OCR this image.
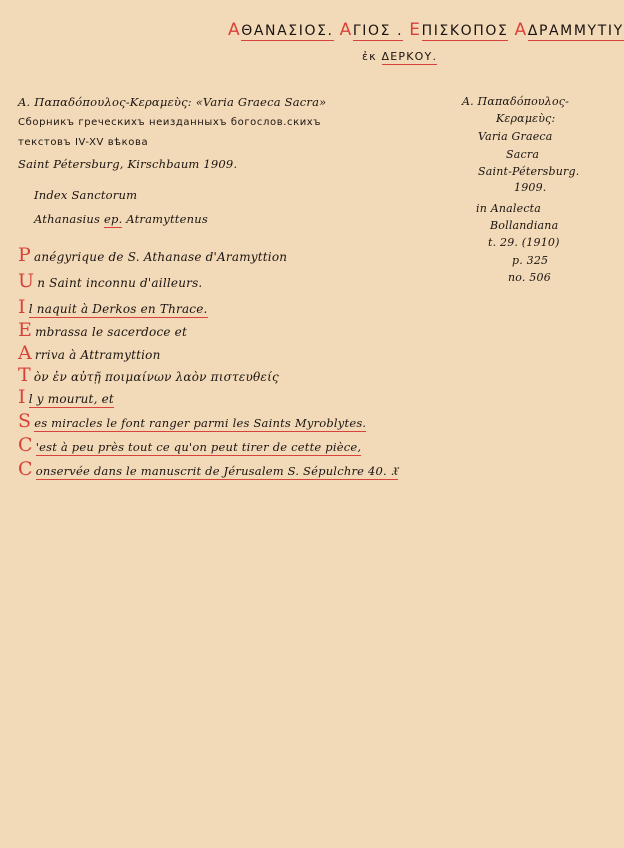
ΑΘΑΝΑΣΙΟΣ. ΑΓΙΟΣ . ΕΠΙΣΚΟΠΟΣ ΑΔΡΑΜΜΥΤΙΥ
ἐκ ΔΕΡΚΟΥ.
Α. Παπαδόπουλος-Κεραμεὺς: «Varia Graeca Sacra»
Сборникъ греческихъ неизданныхъ богослов.скихъ
текстовъ IV-XV вѣкова
Saint Pétersburg, Kirschbaum 1909.
Α. Παπαδόπουλος-
Κεραμεὺς:
Varia Graeca
Sacra
Saint-Pétersburg.
1909.
in Analecta
Bollandiana
t. 29. (1910)
p. 325
no. 506
Index Sanctorum
Athanasius ep. Atramyttenus
Panégyrique de S. Athanase d'Aramyttion
Un Saint inconnu d'ailleurs.
Il naquit à Derkos en Thrace.
Embrassa le sacerdoce et
Arriva à Attramyttion
Tὸν ἐν αὐτῇ ποιμαίνων λαὸν πιστευθείς
Il y mourut, et
Ses miracles le font ranger parmi les Saints Myroblytes.
C 'est à peu près tout ce qu'on peut tirer de cette pièce,
Conservée dans le manuscrit de Jérusalem S. Sépulchre 40. 𝔛
